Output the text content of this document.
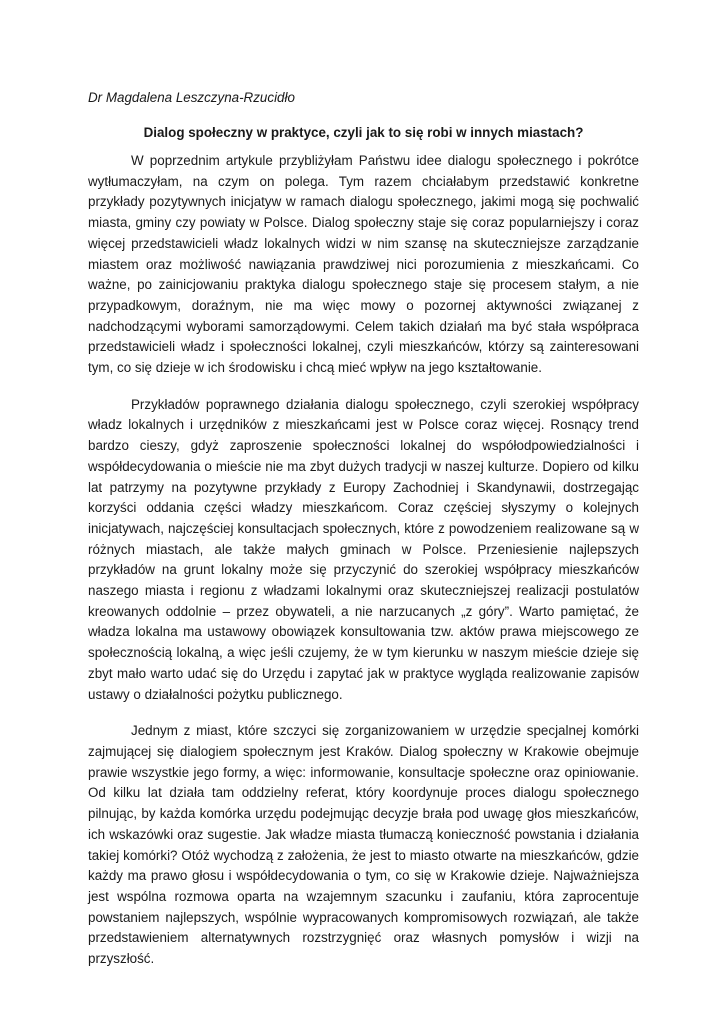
Dr Magdalena Leszczyna-Rzucidło

Dialog społeczny w praktyce, czyli jak to się robi w innych miastach?

W poprzednim artykule przybliżyłam Państwu idee dialogu społecznego i pokrótce wytłumaczyłam, na czym on polega. Tym razem chciałabym przedstawić konkretne przykłady pozytywnych inicjatyw w ramach dialogu społecznego, jakimi mogą się pochwalić miasta, gminy czy powiaty w Polsce. Dialog społeczny staje się coraz popularniejszy i coraz więcej przedstawicieli władz lokalnych widzi w nim szansę na skuteczniejsze zarządzanie miastem oraz możliwość nawiązania prawdziwej nici porozumienia z mieszkańcami. Co ważne, po zainicjowaniu praktyka dialogu społecznego staje się procesem stałym, a nie przypadkowym, doraźnym, nie ma więc mowy o pozornej aktywności związanej z nadchodzącymi wyborami samorządowymi. Celem takich działań ma być stała współpraca przedstawicieli władz i społeczności lokalnej, czyli mieszkańców, którzy są zainteresowani tym, co się dzieje w ich środowisku i chcą mieć wpływ na jego kształtowanie.

Przykładów poprawnego działania dialogu społecznego, czyli szerokiej współpracy władz lokalnych i urzędników z mieszkańcami jest w Polsce coraz więcej. Rosnący trend bardzo cieszy, gdyż zaproszenie społeczności lokalnej do współodpowiedzialności i współdecydowania o mieście nie ma zbyt dużych tradycji w naszej kulturze. Dopiero od kilku lat patrzymy na pozytywne przykłady z Europy Zachodniej i Skandynawii, dostrzegając korzyści oddania części władzy mieszkańcom. Coraz częściej słyszymy o kolejnych inicjatywach, najczęściej konsultacjach społecznych, które z powodzeniem realizowane są w różnych miastach, ale także małych gminach w Polsce. Przeniesienie najlepszych przykładów na grunt lokalny może się przyczynić do szerokiej współpracy mieszkańców naszego miasta i regionu z władzami lokalnymi oraz skuteczniejszej realizacji postulatów kreowanych oddolnie – przez obywateli, a nie narzucanych „z góry”. Warto pamiętać, że władza lokalna ma ustawowy obowiązek konsultowania tzw. aktów prawa miejscowego ze społecznością lokalną, a więc jeśli czujemy, że w tym kierunku w naszym mieście dzieje się zbyt mało warto udać się do Urzędu i zapytać jak w praktyce wygląda realizowanie zapisów ustawy o działalności pożytku publicznego.

Jednym z miast, które szczyci się zorganizowaniem w urzędzie specjalnej komórki zajmującej się dialogiem społecznym jest Kraków. Dialog społeczny w Krakowie obejmuje prawie wszystkie jego formy, a więc: informowanie, konsultacje społeczne oraz opiniowanie. Od kilku lat działa tam oddzielny referat, który koordynuje proces dialogu społecznego pilnując, by każda komórka urzędu podejmując decyzje brała pod uwagę głos mieszkańców, ich wskazówki oraz sugestie. Jak władze miasta tłumaczą konieczność powstania i działania takiej komórki? Otóż wychodzą z założenia, że jest to miasto otwarte na mieszkańców, gdzie każdy ma prawo głosu i współdecydowania o tym, co się w Krakowie dzieje. Najważniejsza jest wspólna rozmowa oparta na wzajemnym szacunku i zaufaniu, która zaprocentuje powstaniem najlepszych, wspólnie wypracowanych kompromisowych rozwiązań, ale także przedstawieniem alternatywnych rozstrzygnięć oraz własnych pomysłów i wizji na przyszłość.
